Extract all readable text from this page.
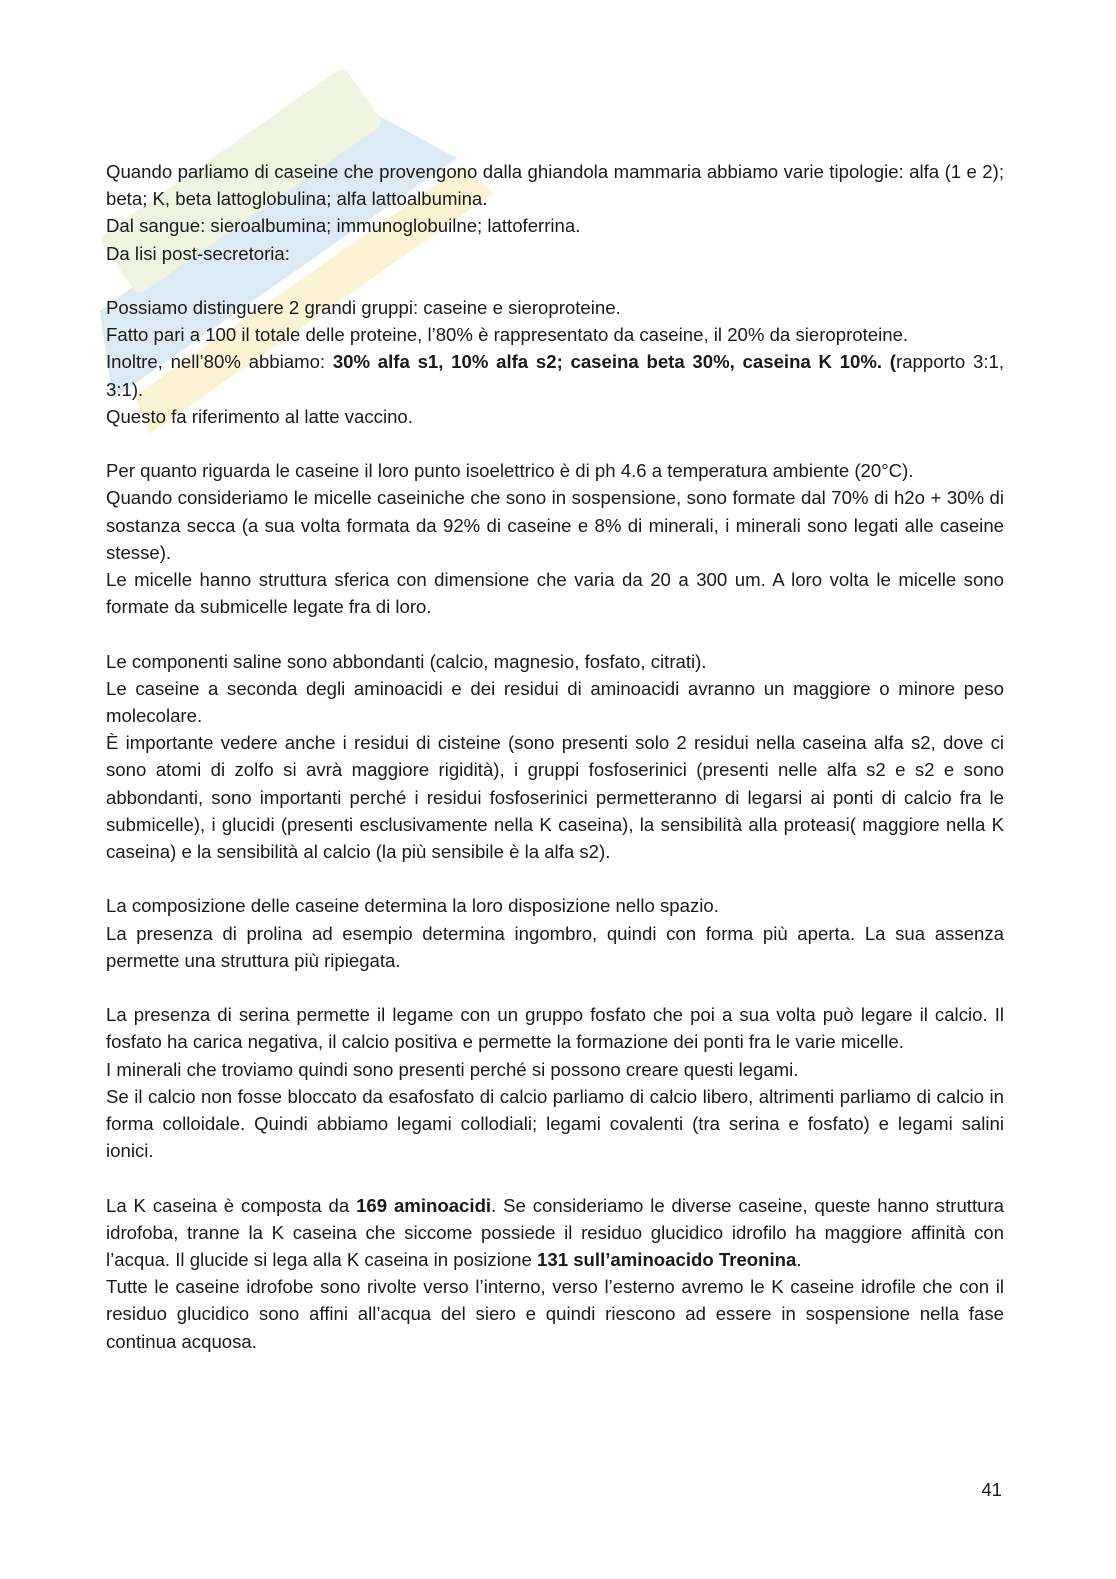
Quando parliamo di caseine che provengono dalla ghiandola mammaria abbiamo varie tipologie: alfa (1 e 2); beta; K, beta lattoglobulina; alfa lattoalbumina.

Dal sangue: sieroalbumina; immunoglobuilne; lattoferrina.

Da lisi post-secretoria:

Possiamo distinguere 2 grandi gruppi: caseine e sieroproteine.

Fatto pari a 100 il totale delle proteine, l’80% è rappresentato da caseine, il 20% da sieroproteine.

Inoltre, nell’80% abbiamo: 30% alfa s1, 10% alfa s2; caseina beta 30%, caseina K 10%. (rapporto 3:1, 3:1).

Questo fa riferimento al latte vaccino.

Per quanto riguarda le caseine il loro punto isoelettrico è di ph 4.6 a temperatura ambiente (20°C).

Quando consideriamo le micelle caseiniche che sono in sospensione, sono formate dal 70% di h2o + 30% di sostanza secca (a sua volta formata da 92% di caseine e 8% di minerali, i minerali sono legati alle caseine stesse).

Le micelle hanno struttura sferica con dimensione che varia da 20 a 300 um. A loro volta le micelle sono formate da submicelle legate fra di loro.

Le componenti saline sono abbondanti (calcio, magnesio, fosfato, citrati).

Le caseine a seconda degli aminoacidi e dei residui di aminoacidi avranno un maggiore o minore peso molecolare.

È importante vedere anche i residui di cisteine (sono presenti solo 2 residui nella caseina alfa s2, dove ci sono atomi di zolfo si avrà maggiore rigidità), i gruppi fosfoserinici (presenti nelle alfa s2 e s2 e sono abbondanti, sono importanti perché i residui fosfoserinici permetteranno di legarsi ai ponti di calcio fra le submicelle), i glucidi (presenti esclusivamente nella K caseina), la sensibilità alla proteasi( maggiore nella K caseina) e la sensibilità al calcio (la più sensibile è la alfa s2).

La composizione delle caseine determina la loro disposizione nello spazio.

La presenza di prolina ad esempio determina ingombro, quindi con forma più aperta. La sua assenza permette una struttura più ripiegata.

La presenza di serina permette il legame con un gruppo fosfato che poi a sua volta può legare il calcio. Il fosfato ha carica negativa, il calcio positiva e permette la formazione dei ponti fra le varie micelle.

I minerali che troviamo quindi sono presenti perché si possono creare questi legami.

Se il calcio non fosse bloccato da esafosfato di calcio parliamo di calcio libero, altrimenti parliamo di calcio in forma colloidale. Quindi abbiamo legami collodiali; legami covalenti (tra serina e fosfato) e legami salini ionici.

La K caseina è composta da 169 aminoacidi. Se consideriamo le diverse caseine, queste hanno struttura idrofoba, tranne la K caseina che siccome possiede il residuo glucidico idrofilo ha maggiore affinità con l’acqua. Il glucide si lega alla K caseina in posizione 131 sull’aminoacido Treonina.

Tutte le caseine idrofobe sono rivolte verso l’interno, verso l’esterno avremo le K caseine idrofile che con il residuo glucidico sono affini all’acqua del siero e quindi riescono ad essere in sospensione nella fase continua acquosa.

41
